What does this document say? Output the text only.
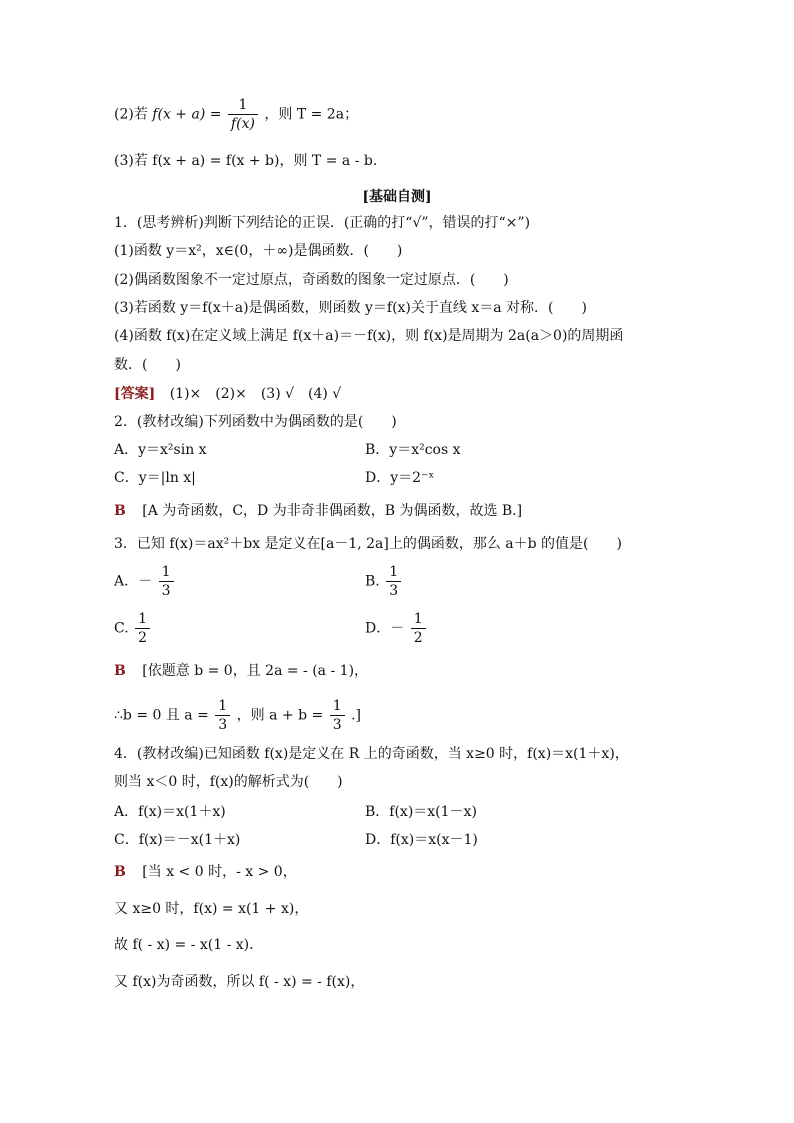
(2)若 $f(x + a) = \frac{1}{f(x)}$ ，则 T = 2a；
(3)若 f(x + a) = f(x + b)，则 T = a - b.
[基础自测]
1．(思考辨析)判断下列结论的正误．(正确的打“√”，错误的打“×”)
(1)函数 y＝x²，x∈(0，＋∞)是偶函数．(　　)
(2)偶函数图象不一定过原点，奇函数的图象一定过原点．(　　)
(3)若函数 y＝f(x＋a)是偶函数，则函数 y＝f(x)关于直线 x＝a 对称．(　　)
(4)函数 f(x)在定义域上满足 f(x＋a)＝－f(x)，则 f(x)是周期为 2a(a＞0)的周期函
数．(　　)
[答案] (1)×　(2)×　(3) √　(4) √
2．(教材改编)下列函数中为偶函数的是(　　)
A．y＝x²sin x	B．y＝x²cos x
C．y＝|ln x|	D．y＝2⁻ˣ
B [A 为奇函数，C，D 为非奇非偶函数，B 为偶函数，故选 B.]
3．已知 f(x)＝ax²＋bx 是定义在[a－1, 2a]上的偶函数，那么 a＋b 的值是(　　)
A．－ $\frac{1}{3}$	B. $\frac{1}{3}$
C. $\frac{1}{2}$	D．－ $\frac{1}{2}$
B [依题意 b = 0，且 2a = - (a - 1)，
∴b = 0 且 $a = \frac{1}{3}$ ，则 $a + b = \frac{1}{3}$ .]
4．(教材改编)已知函数 f(x)是定义在 R 上的奇函数，当 x≥0 时，f(x)＝x(1＋x)，
则当 x＜0 时，f(x)的解析式为(　　)
A．f(x)＝x(1＋x)	B．f(x)＝x(1－x)
C．f(x)＝－x(1＋x)	D．f(x)＝x(x－1)
B [当 x < 0 时，- x > 0，
又 x≥0 时，f(x) = x(1 + x)，
故 f( - x) = - x(1 - x)．
又 f(x)为奇函数，所以 f( - x) = - f(x)，
